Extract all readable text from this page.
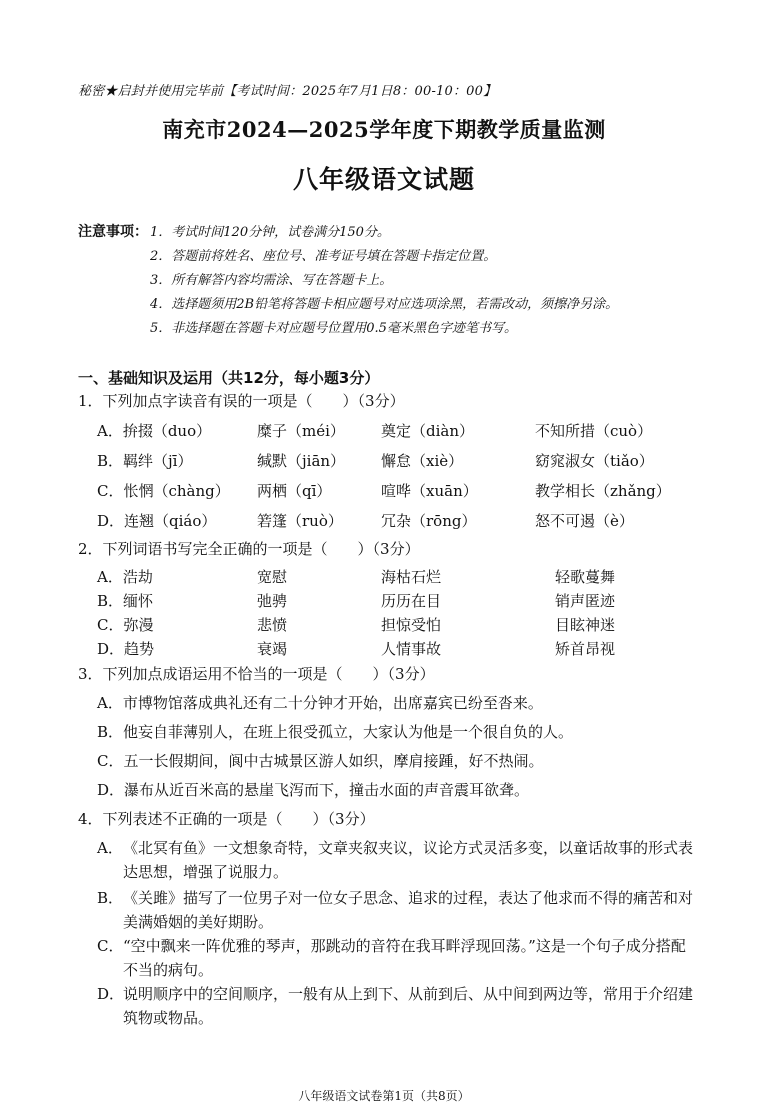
秘密★启封并使用完毕前【考试时间：2025年7月1日8：00-10：00】
南充市2024—2025学年度下期教学质量监测
八年级语文试题
注意事项： 1．考试时间120分钟，试卷满分150分。
2．答题前将姓名、座位号、准考证号填在答题卡指定位置。
3．所有解答内容均需涂、写在答题卡上。
4．选择题须用2B铅笔将答题卡相应题号对应选项涂黑，若需改动，须擦净另涂。
5．非选择题在答题卡对应题号位置用0.5毫米黑色字迹笔书写。
一、基础知识及运用（共12分，每小题3分）
1．下列加点字读音有误的一项是（　　）（3分）
A．拚掇（duo）	糜子（méi） 奠定（diàn）	不知所措（cuò）
B．羁绊（jī）	缄默（jiān） 懈怠（xiè）	窈窕淑女（tiǎo）
C．怅惘（chàng） 两栖（qī）	喧哗（xuān）	教学相长（zhǎng）
D．连翘（qiáo）	箬篷（ruò）	冗杂（rōng）	怒不可遏（è）
2．下列词语书写完全正确的一项是（　　）（3分）
A．浩劫	宽慰	海枯石烂	轻歌蔓舞
B．缅怀	弛骋	历历在目	销声匿迹
C．弥漫	悲愤	担惊受怕	目眩神迷
D．趋势	衰竭	人情事故	矫首昂视
3．下列加点成语运用不恰当的一项是（　　）（3分）
A．市博物馆落成典礼还有二十分钟才开始，出席嘉宾已纷至沓来。
B．他妄自菲薄别人，在班上很受孤立，大家认为他是一个很自负的人。
C．五一长假期间，阆中古城景区游人如织，摩肩接踵，好不热闹。
D．瀑布从近百米高的悬崖飞泻而下，撞击水面的声音震耳欲聋。
4．下列表述不正确的一项是（　　）（3分）
A． 《北冥有鱼》一文想象奇特，文章夹叙夹议，议论方式灵活多变，以童话故事的形式表达思想，增强了说服力。
B． 《关雎》描写了一位男子对一位女子思念、追求的过程，表达了他求而不得的痛苦和对美满婚姻的美好期盼。
C． “空中飘来一阵优雅的琴声，那跳动的音符在我耳畔浮现回荡。”这是一个句子成分搭配不当的病句。
D．
说明顺序中的空间顺序，一般有从上到下、从前到后、从中间到两边等，常用于介绍建筑物或物品。
八年级语文试卷第1页（共8页）
